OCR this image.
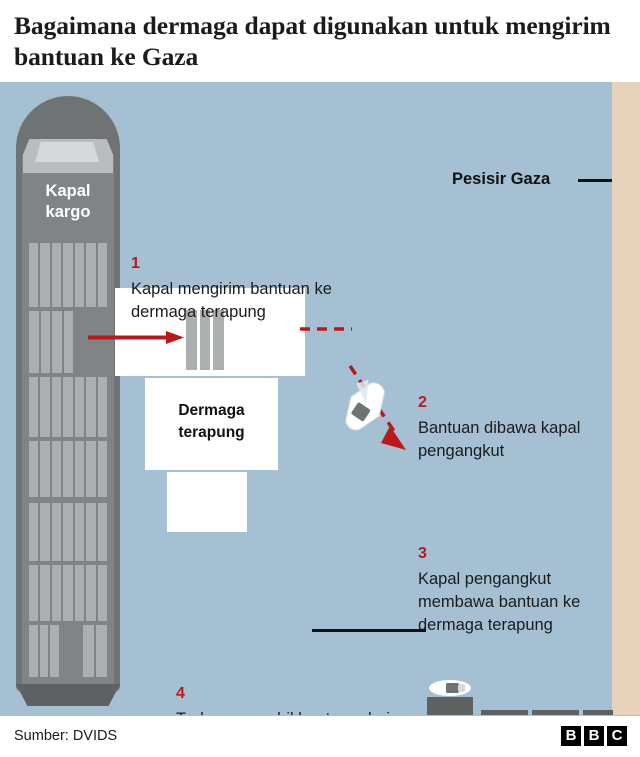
Bagaimana dermaga dapat digunakan untuk mengirim bantuan ke Gaza
Kapal
kargo
Dermaga
terapung
1
Kapal mengirim bantuan ke dermaga terapung
2
Bantuan dibawa kapal pengangkut
3
Kapal pengangkut membawa bantuan ke dermaga terapung
4
Pesisir Gaza
Sumber: DVIDS	B B C
